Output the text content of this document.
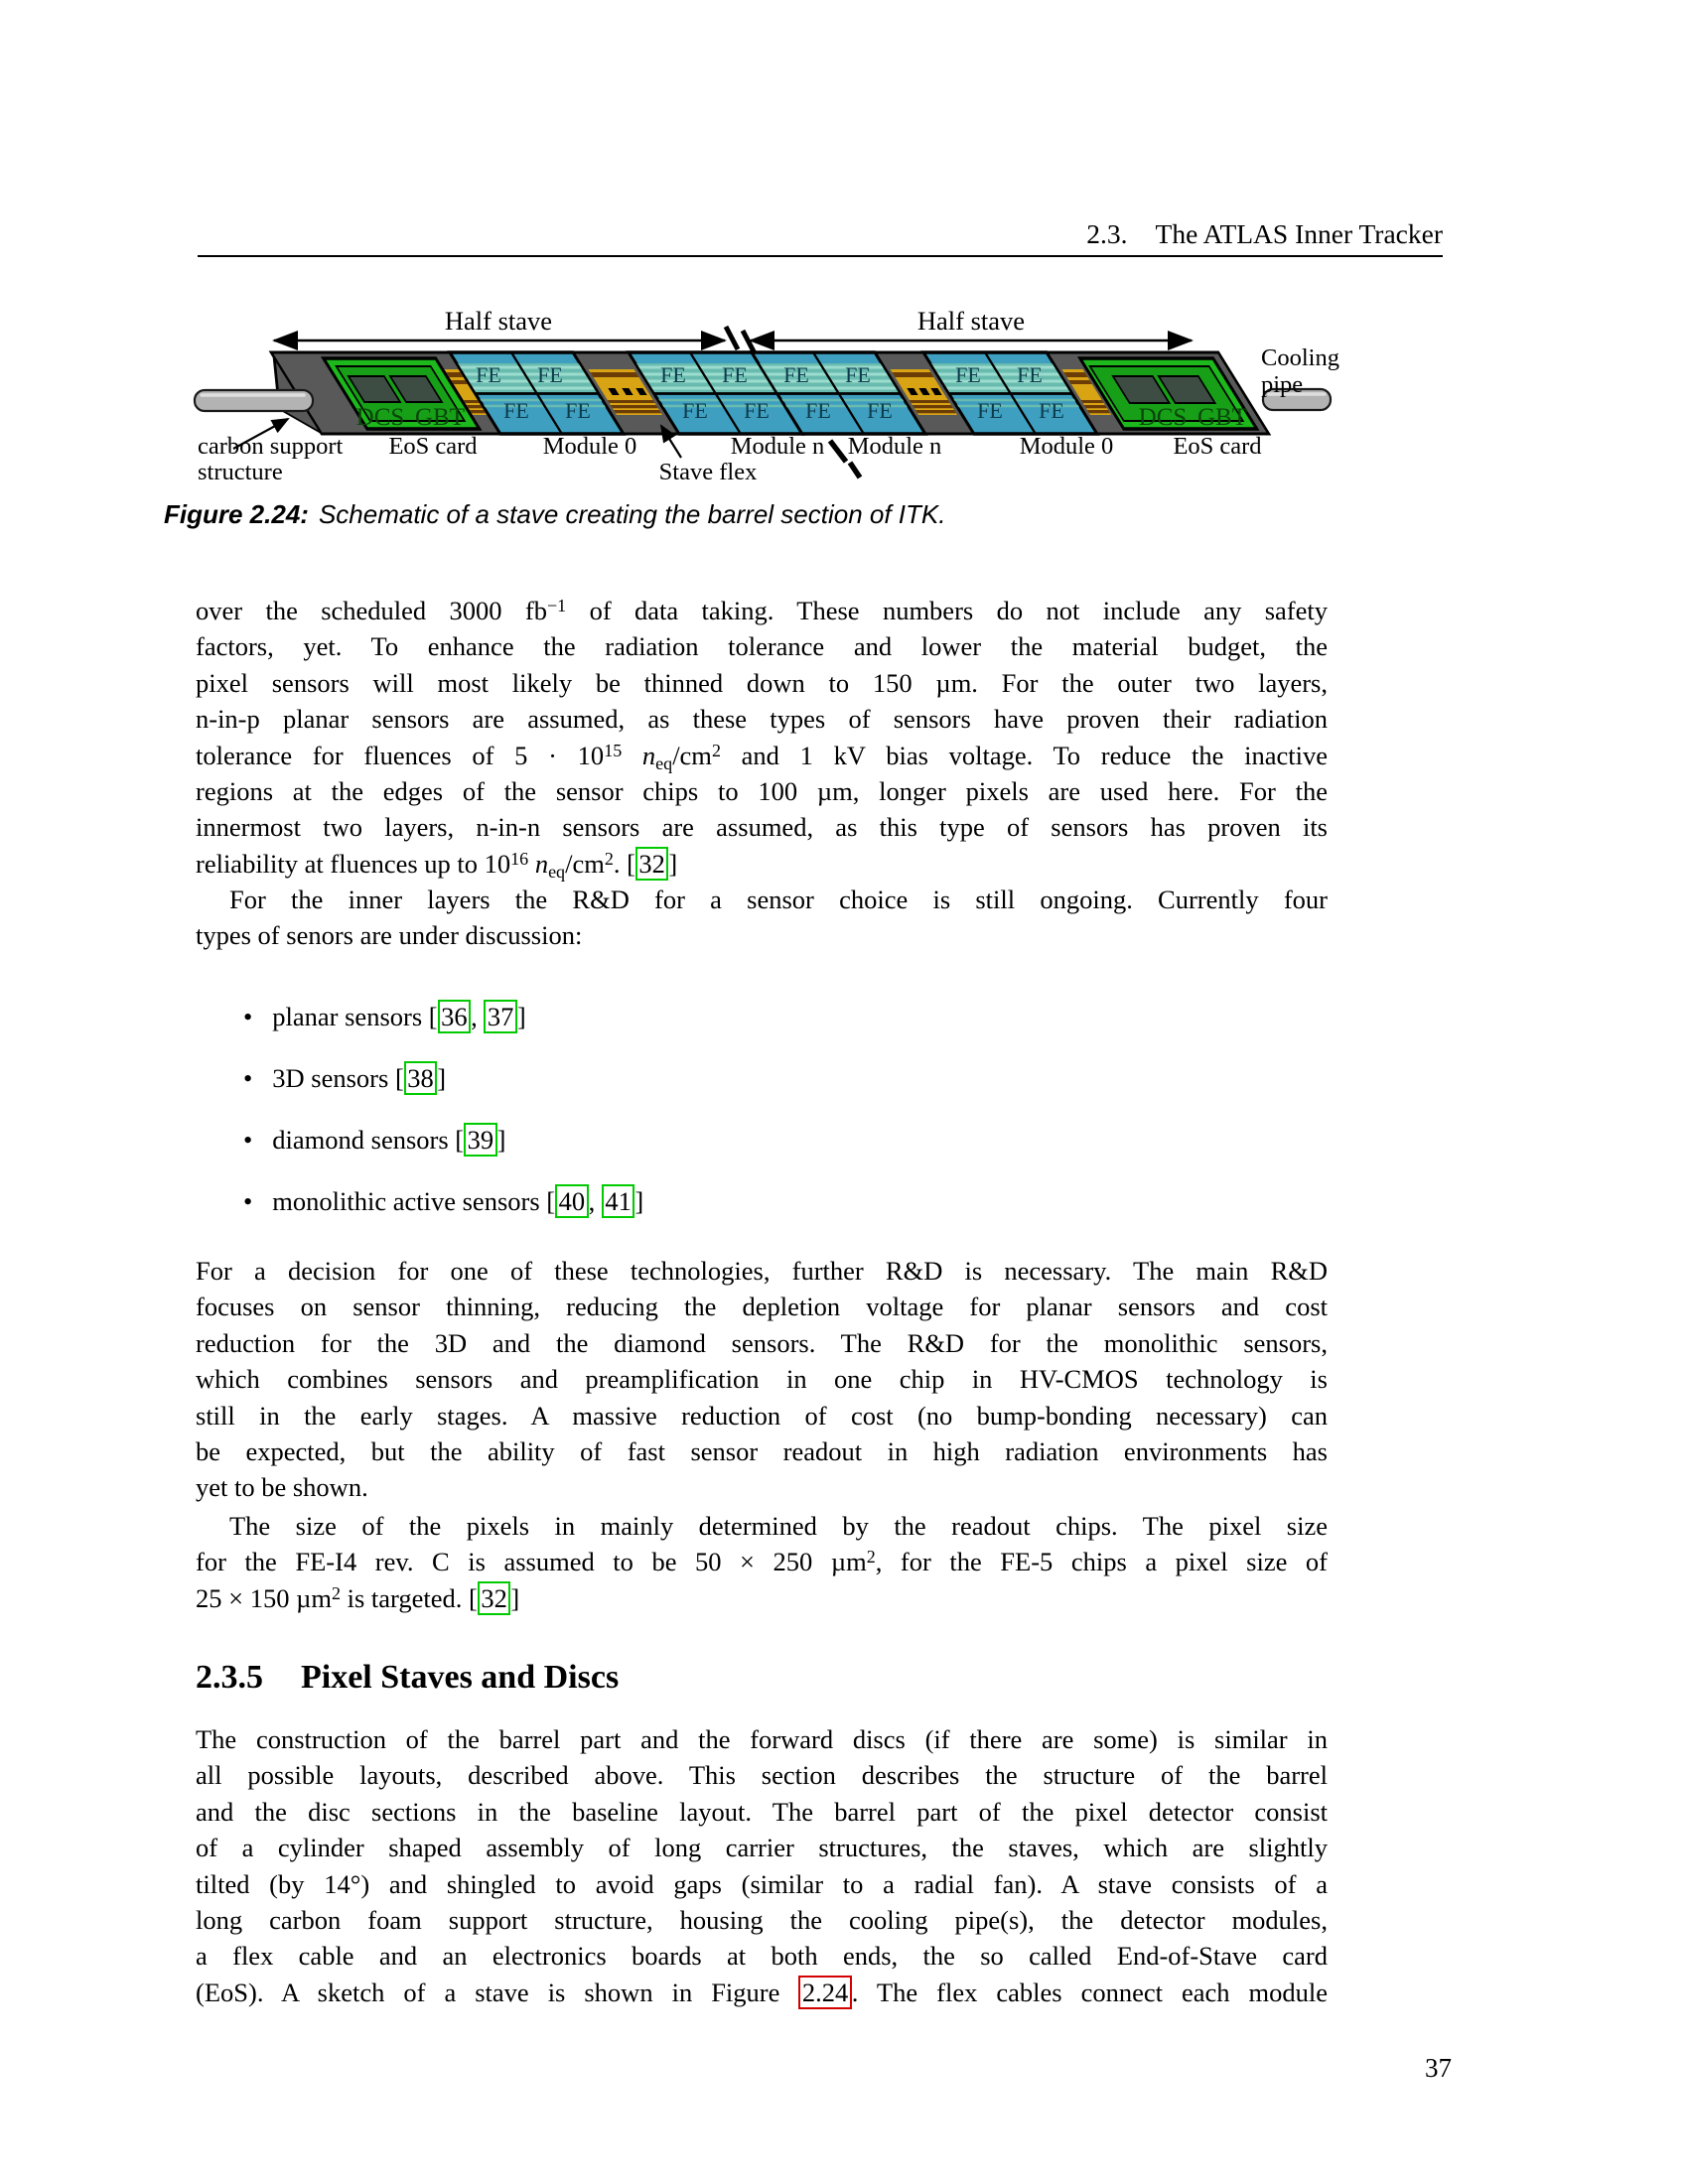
2.3. The ATLAS Inner Tracker
Half stave	Half stave
FE FE	FE FE FE FE	FE FE
FE FE	FE FE FE FE	FE FE
DCS GBT	DCS GBT
Cooling
pipe
carbon support
structure
EoS card	Module 0	Module n Module n	Module 0 EoS card
Stave flex
Figure 2.24: Schematic of a stave creating the barrel section of ITK.
over the scheduled 3000 $fb^{-1}$ of data taking. These numbers do not include any safety
factors, yet. To enhance the radiation tolerance and lower the material budget, the
pixel sensors will most likely be thinned down to 150 µm. For the outer two layers,
n-in-p planar sensors are assumed, as these types of sensors have proven their radiation
tolerance for fluences of $5 \cdot 10^{15}$ neq/$cm^2$ and 1 kV bias voltage. To reduce the inactive
regions at the edges of the sensor chips to 100 µm, longer pixels are used here. For the
innermost two layers, n-in-n sensors are assumed, as this type of sensors has proven its
reliability at fluences up to $10^{16}$ neq/$cm^2$. [ 32 ]
For the inner layers the R&D for a sensor choice is still ongoing. Currently four
types of senors are under discussion:
• planar sensors [ 36 , 37 ]
• 3D sensors [ 38 ]
• diamond sensors [ 39 ]
• monolithic active sensors [ 40 , 41 ]
For a decision for one of these technologies, further R&D is necessary. The main R&D
focuses on sensor thinning, reducing the depletion voltage for planar sensors and cost
reduction for the 3D and the diamond sensors. The R&D for the monolithic sensors,
which combines sensors and preamplification in one chip in HV-CMOS technology is
still in the early stages. A massive reduction of cost (no bump-bonding necessary) can
be expected, but the ability of fast sensor readout in high radiation environments has
yet to be shown.
The size of the pixels in mainly determined by the readout chips. The pixel size
for the FE-I4 rev. C is assumed to be 50 × 250 µm$^2$, for the FE-5 chips a pixel size of
25 × 150 µm$^2$ is targeted. [ 32 ]
2.3.5 Pixel Staves and Discs
The construction of the barrel part and the forward discs (if there are some) is similar in
all possible layouts, described above. This section describes the structure of the barrel
and the disc sections in the baseline layout. The barrel part of the pixel detector consist
of a cylinder shaped assembly of long carrier structures, the staves, which are slightly
tilted (by 14°) and shingled to avoid gaps (similar to a radial fan). A stave consists of a
long carbon foam support structure, housing the cooling pipe(s), the detector modules,
a flex cable and an electronics boards at both ends, the so called End-of-Stave card
(EoS). A sketch of a stave is shown in Figure 2.24 . The flex cables connect each module
37
